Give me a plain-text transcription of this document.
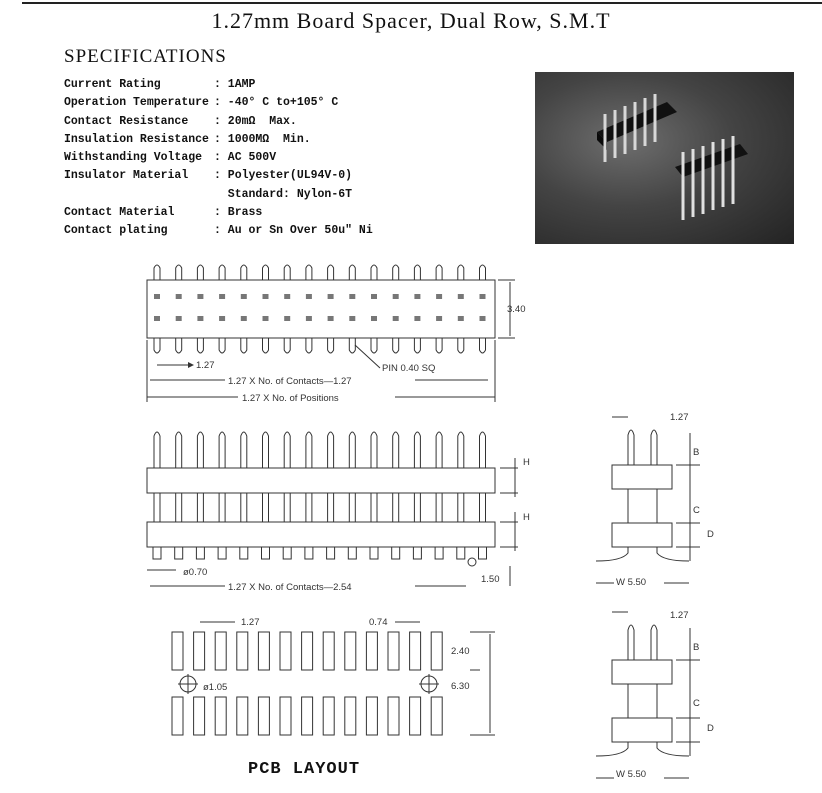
1.27mm Board Spacer, Dual Row, S.M.T
SPECIFICATIONS
Current Rating	: 1AMP
Operation Temperature : -40° C to+105° C
Contact Resistance	: 20mΩ  Max.
Insulation Resistance : 1000MΩ  Min.
Withstanding Voltage	: AC 500V
Insulator Material	: Polyester(UL94V-0)
Standard: Nylon-6T
Contact Material	: Brass
Contact plating	: Au or Sn Over 50u" Ni
3.40
1.27	PIN 0.40 SQ
1.27 X No. of Contacts—1.27
1.27 X No. of Positions
H
H
ø0.70
1.27 X No. of Contacts—2.54
1.50
1.27	0.74
2.40
ø1.05	6.30
1.27
B
C
D
W 5.50
1.27
B
C
D
W 5.50
PCB LAYOUT
